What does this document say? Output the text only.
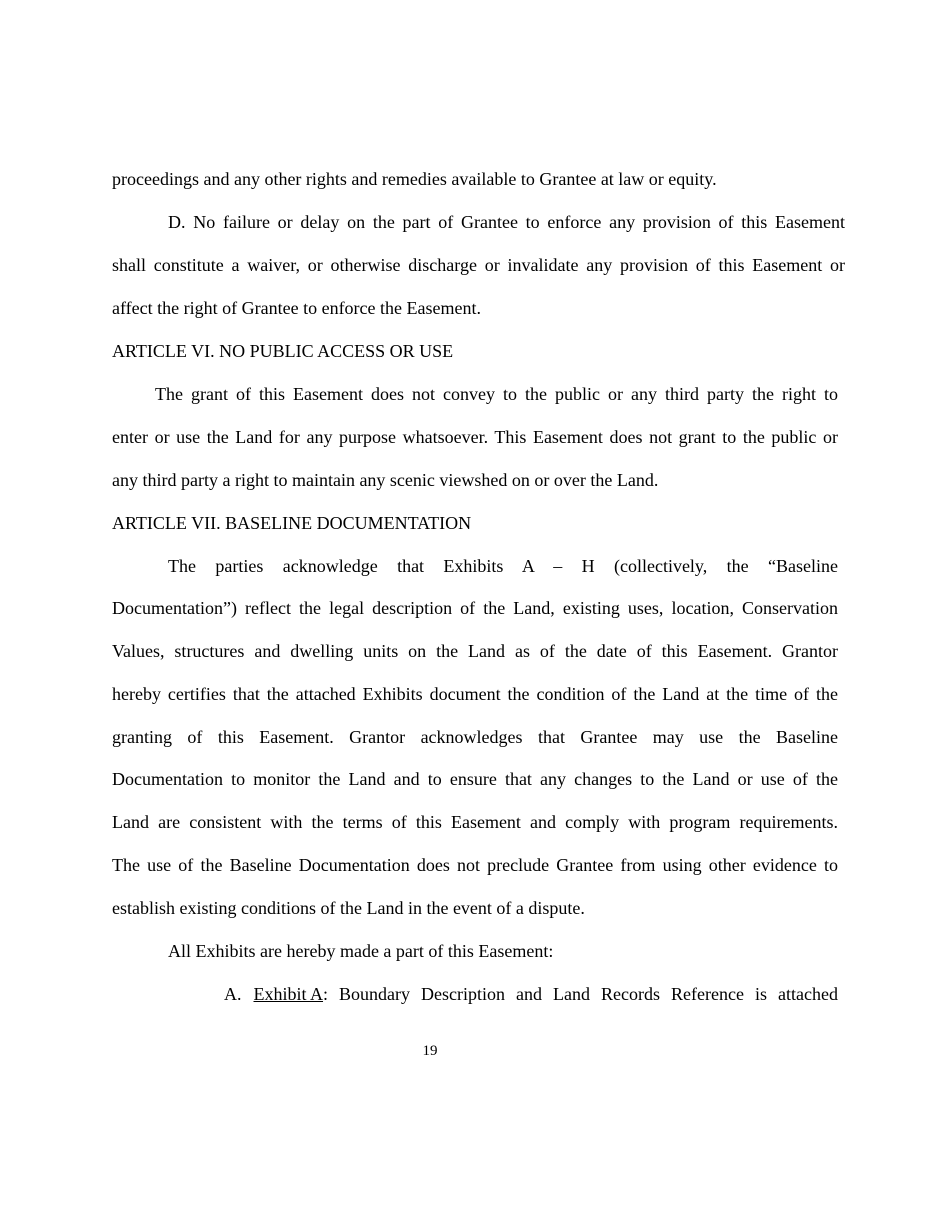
proceedings and any other rights and remedies available to Grantee at law or equity.
D. No failure or delay on the part of Grantee to enforce any provision of this Easement
shall constitute a waiver, or otherwise discharge or invalidate any provision of this Easement or
affect the right of Grantee to enforce the Easement.
ARTICLE VI. NO PUBLIC ACCESS OR USE
The grant of this Easement does not convey to the public or any third party the right to
enter or use the Land for any purpose whatsoever. This Easement does not grant to the public or
any third party a right to maintain any scenic viewshed on or over the Land.
ARTICLE VII. BASELINE DOCUMENTATION
The parties acknowledge that Exhibits A – H (collectively, the “Baseline
Documentation”) reflect the legal description of the Land, existing uses, location, Conservation
Values, structures and dwelling units on the Land as of the date of this Easement. Grantor
hereby certifies that the attached Exhibits document the condition of the Land at the time of the
granting of this Easement. Grantor acknowledges that Grantee may use the Baseline
Documentation to monitor the Land and to ensure that any changes to the Land or use of the
Land are consistent with the terms of this Easement and comply with program requirements.
The use of the Baseline Documentation does not preclude Grantee from using other evidence to
establish existing conditions of the Land in the event of a dispute.
All Exhibits are hereby made a part of this Easement:
A. Exhibit A : Boundary Description and Land Records Reference is attached
19
